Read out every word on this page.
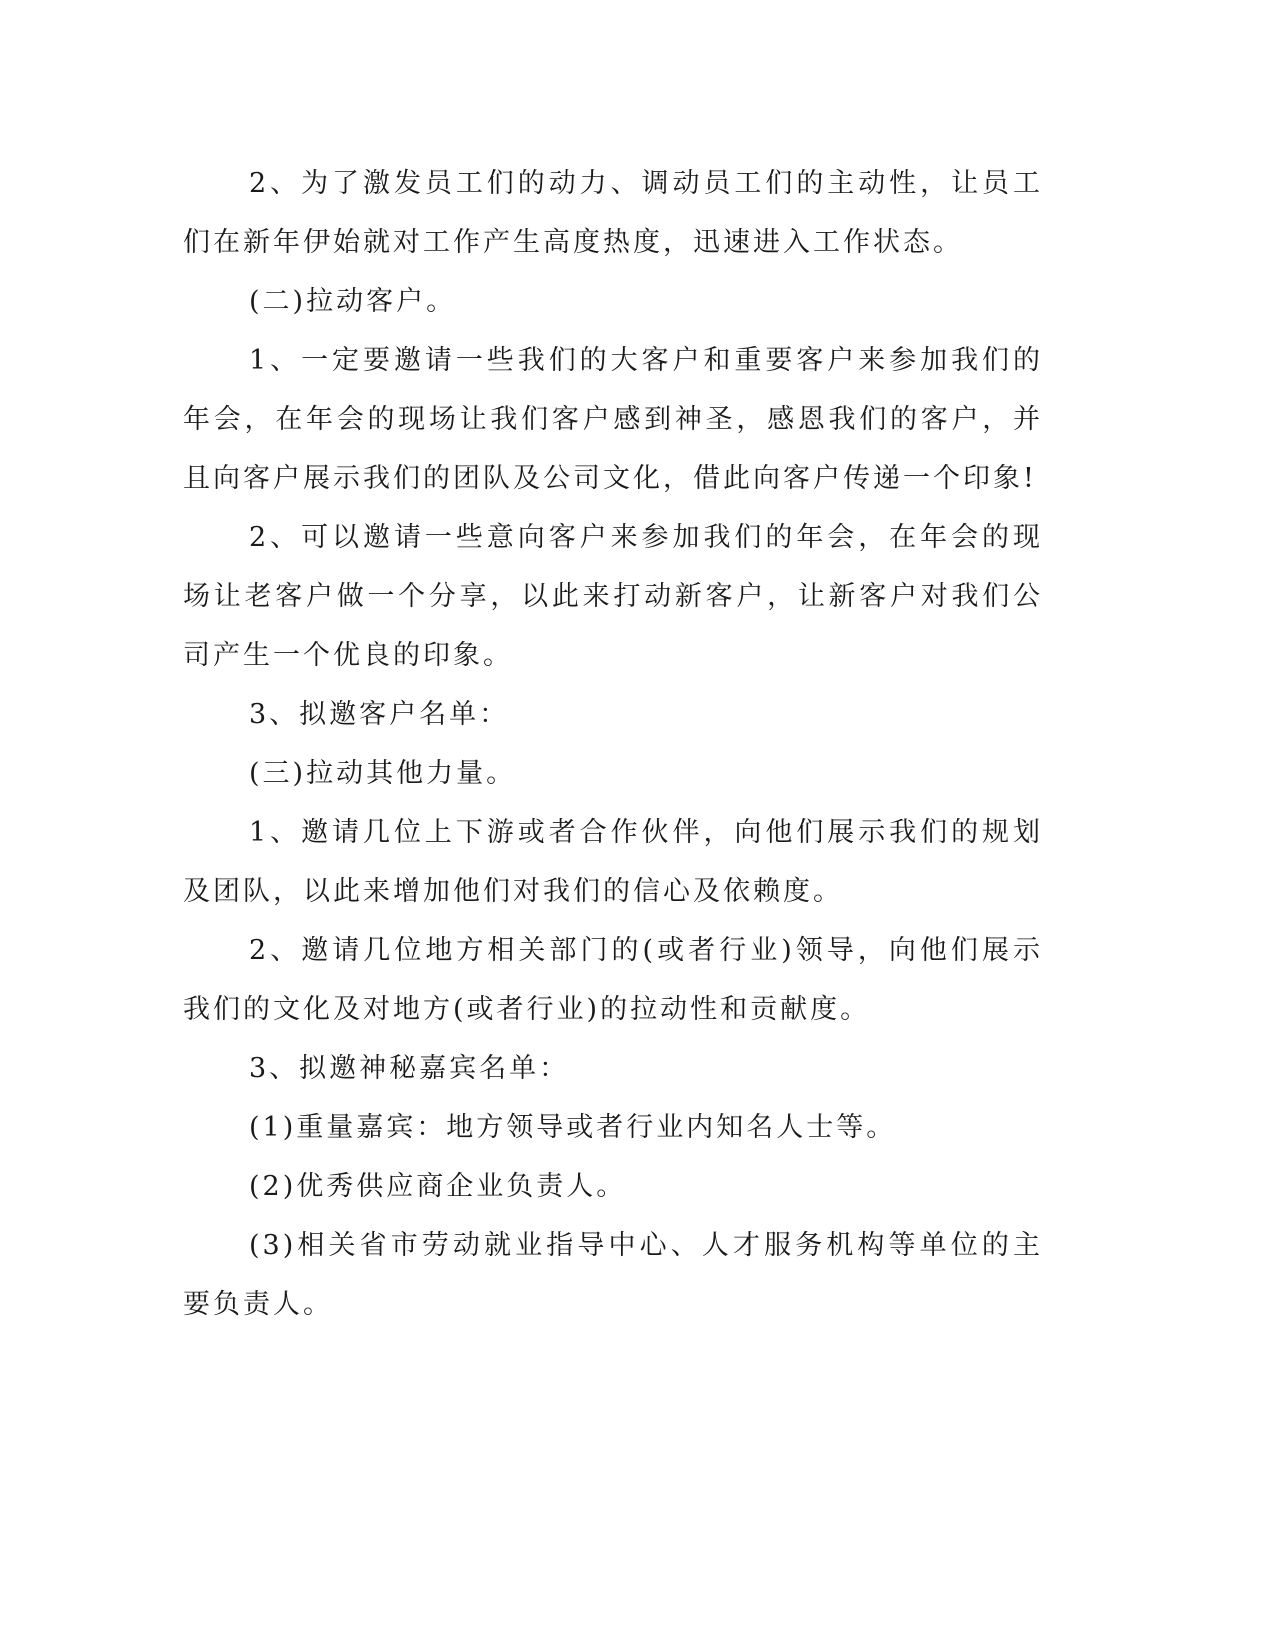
2、为了激发员工们的动力、调动员工们的主动性，让员工们在新年伊始就对工作产生高度热度，迅速进入工作状态。

(二)拉动客户。

1、一定要邀请一些我们的大客户和重要客户来参加我们的年会，在年会的现场让我们客户感到神圣，感恩我们的客户，并且向客户展示我们的团队及公司文化，借此向客户传递一个印象!

2、可以邀请一些意向客户来参加我们的年会，在年会的现场让老客户做一个分享，以此来打动新客户，让新客户对我们公司产生一个优良的印象。

3、拟邀客户名单：

(三)拉动其他力量。

1、邀请几位上下游或者合作伙伴，向他们展示我们的规划及团队，以此来增加他们对我们的信心及依赖度。

2、邀请几位地方相关部门的(或者行业)领导，向他们展示我们的文化及对地方(或者行业)的拉动性和贡献度。

3、拟邀神秘嘉宾名单：

(1)重量嘉宾：地方领导或者行业内知名人士等。

(2)优秀供应商企业负责人。

(3)相关省市劳动就业指导中心、人才服务机构等单位的主要负责人。
